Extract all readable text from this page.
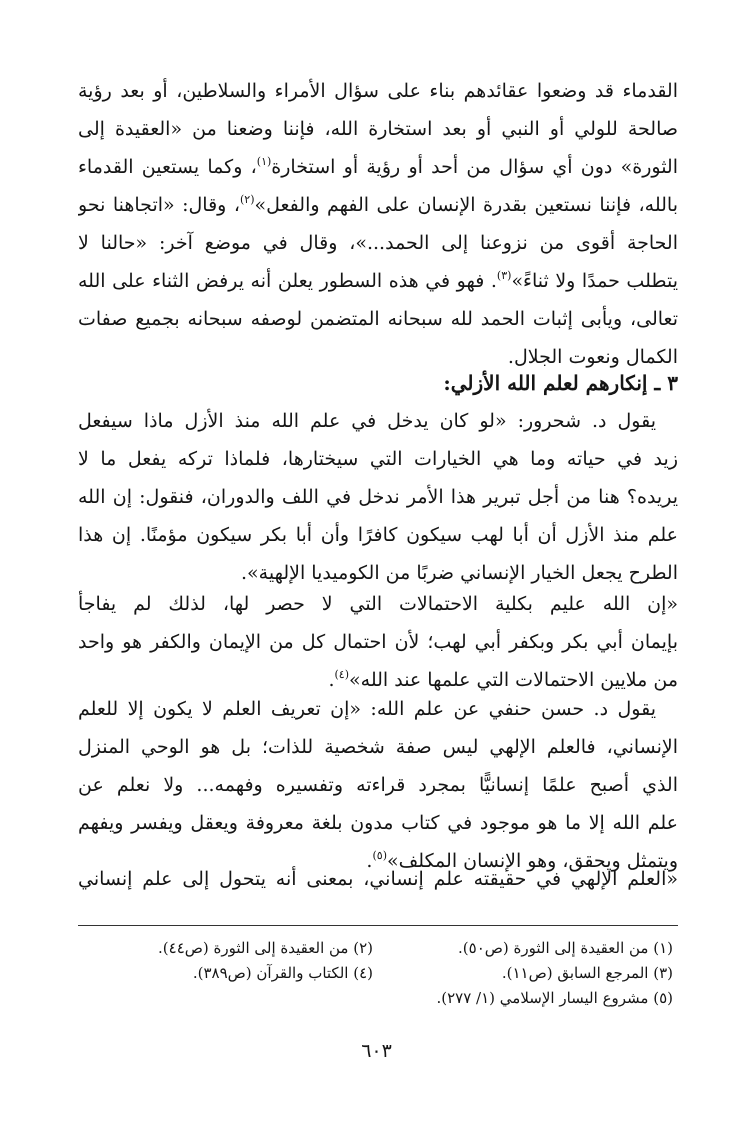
القدماء قد وضعوا عقائدهم بناء على سؤال الأمراء والسلاطين، أو بعد رؤية
صالحة للولي أو النبي أو بعد استخارة الله، فإننا وضعنا من «العقيدة إلى
الثورة» دون أي سؤال من أحد أو رؤية أو استخارة$^{(١)}$، وكما يستعين القدماء
بالله، فإننا نستعين بقدرة الإنسان على الفهم والفعل»$^{(٢)}$، وقال: «اتجاهنا نحو
الحاجة أقوى من نزوعنا إلى الحمد...»، وقال في موضع آخر: «حالنا لا
يتطلب حمدًا ولا ثناءً»$^{(٣)}$. فهو في هذه السطور يعلن أنه يرفض الثناء على الله
تعالى، ويأبى إثبات الحمد لله سبحانه المتضمن لوصفه سبحانه بجميع صفات
الكمال ونعوت الجلال.
٣ ـ إنكارهم لعلم الله الأزلي:
يقول د. شحرور: «لو كان يدخل في علم الله منذ الأزل ماذا سيفعل
زيد في حياته وما هي الخيارات التي سيختارها، فلماذا تركه يفعل ما لا
يريده؟ هنا من أجل تبرير هذا الأمر ندخل في اللف والدوران، فنقول: إن الله
علم منذ الأزل أن أبا لهب سيكون كافرًا وأن أبا بكر سيكون مؤمنًا. إن هذا
الطرح يجعل الخيار الإنساني ضربًا من الكوميديا الإلهية».
«إن الله عليم بكلية الاحتمالات التي لا حصر لها، لذلك لم يفاجأ
بإيمان أبي بكر وبكفر أبي لهب؛ لأن احتمال كل من الإيمان والكفر هو واحد
من ملايين الاحتمالات التي علمها عند الله»$^{(٤)}$.
يقول د. حسن حنفي عن علم الله: «إن تعريف العلم لا يكون إلا للعلم
الإنساني، فالعلم الإلهي ليس صفة شخصية للذات؛ بل هو الوحي المنزل
الذي أصبح علمًا إنسانيًّا بمجرد قراءته وتفسيره وفهمه... ولا نعلم عن
علم الله إلا ما هو موجود في كتاب مدون بلغة معروفة ويعقل ويفسر ويفهم
ويتمثل ويحقق، وهو الإنسان المكلف»$^{(٥)}$.
«العلم الإلهي في حقيقته علم إنساني، بمعنى أنه يتحول إلى علم إنساني
(١) من العقيدة إلى الثورة (ص٥٠).
(٢) من العقيدة إلى الثورة (ص٤٤).
(٣) المرجع السابق (ص١١).
(٤) الكتاب والقرآن (ص٣٨٩).
(٥) مشروع اليسار الإسلامي (١/ ٢٧٧).
٦٠٣
